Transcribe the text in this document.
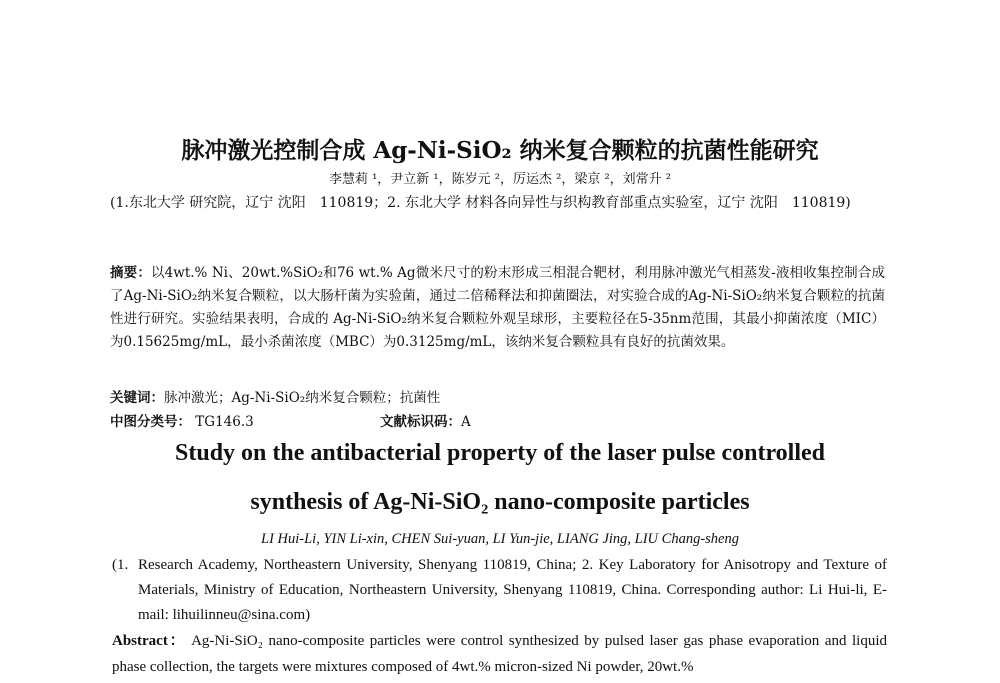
脉冲激光控制合成 Ag-Ni-SiO₂ 纳米复合颗粒的抗菌性能研究
李慧莉 ¹，尹立新 ¹，陈岁元 ²，厉运杰 ²，梁京 ²，刘常升 ²
(1.东北大学 研究院，辽宁 沈阳　110819；2. 东北大学 材料各向异性与织构教育部重点实验室，辽宁 沈阳　110819)
摘要：以4wt.% Ni、20wt.%SiO₂和76 wt.% Ag微米尺寸的粉末形成三相混合靶材，利用脉冲激光气相蒸发-液相收集控制合成了Ag-Ni-SiO₂纳米复合颗粒，以大肠杆菌为实验菌，通过二倍稀释法和抑菌圈法，对实验合成的Ag-Ni-SiO₂纳米复合颗粒的抗菌性进行研究。实验结果表明，合成的 Ag-Ni-SiO₂纳米复合颗粒外观呈球形，主要粒径在5-35nm范围，其最小抑菌浓度（MIC）为0.15625mg/mL，最小杀菌浓度（MBC）为0.3125mg/mL，该纳米复合颗粒具有良好的抗菌效果。
关键词：脉冲激光；Ag-Ni-SiO₂纳米复合颗粒；抗菌性
中图分类号： TG146.3	文献标识码：A
Study on the antibacterial property of the laser pulse controlled
synthesis of Ag-Ni-SiO₂ nano-composite particles
LI Hui-Li, YIN Li-xin, CHEN Sui-yuan, LI Yun-jie, LIANG Jing, LIU Chang-sheng
(1. Research Academy, Northeastern University, Shenyang 110819, China; 2. Key Laboratory for Anisotropy and Texture of Materials, Ministry of Education, Northeastern University, Shenyang 110819, China. Corresponding author: Li Hui-li, E-mail: lihuilinneu@sina.com)
Abstract： Ag-Ni-SiO₂ nano-composite particles were control synthesized by pulsed laser gas phase evaporation and liquid phase collection, the targets were mixtures composed of 4wt.% micron-sized Ni powder, 20wt.%
